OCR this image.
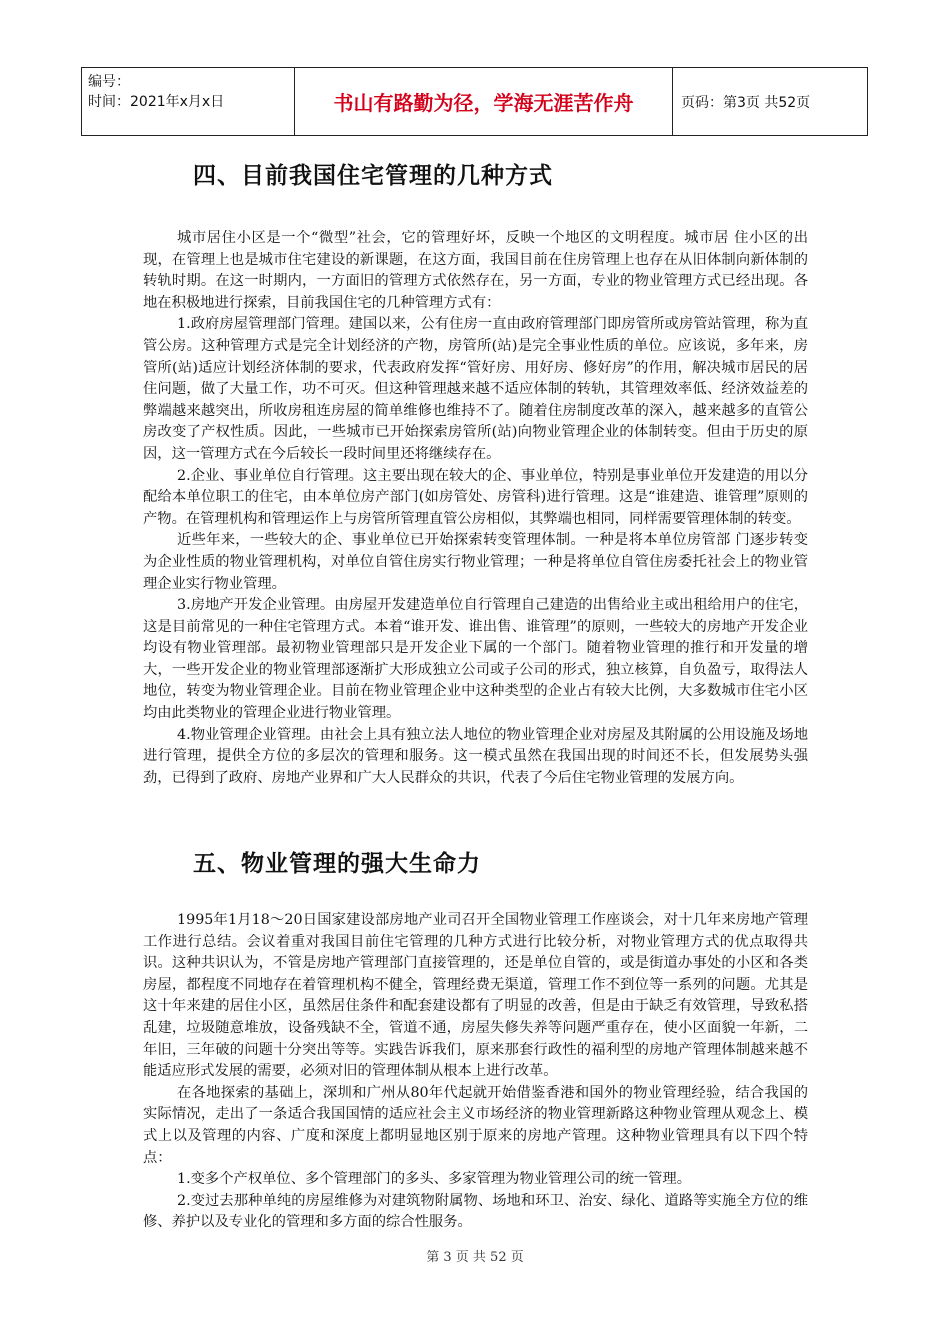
编号：
时间：2021年x月x日	书山有路勤为径，学海无涯苦作舟	页码：第3页 共52页
四、目前我国住宅管理的几种方式

城市居住小区是一个“微型”社会，它的管理好坏，反映一个地区的文明程度。城市居 住小区的出现，在管理上也是城市住宅建设的新课题，在这方面，我国目前在住房管理上也存在从旧体制向新体制的转轨时期。在这一时期内，一方面旧的管理方式依然存在，另一方面，专业的物业管理方式已经出现。各地在积极地进行探索，目前我国住宅的几种管理方式有：

1.政府房屋管理部门管理。建国以来，公有住房一直由政府管理部门即房管所或房管站管理，称为直管公房。这种管理方式是完全计划经济的产物，房管所(站)是完全事业性质的单位。应该说，多年来，房管所(站)适应计划经济体制的要求，代表政府发挥“管好房、用好房、修好房”的作用，解决城市居民的居住问题，做了大量工作，功不可灭。但这种管理越来越不适应体制的转轨，其管理效率低、经济效益差的弊端越来越突出，所收房租连房屋的简单维修也维持不了。随着住房制度改革的深入，越来越多的直管公房改变了产权性质。因此，一些城市已开始探索房管所(站)向物业管理企业的体制转变。但由于历史的原因，这一管理方式在今后较长一段时间里还将继续存在。

2.企业、事业单位自行管理。这主要出现在较大的企、事业单位，特别是事业单位开发建造的用以分配给本单位职工的住宅，由本单位房产部门(如房管处、房管科)进行管理。这是“谁建造、谁管理”原则的产物。在管理机构和管理运作上与房管所管理直管公房相似，其弊端也相同，同样需要管理体制的转变。

近些年来，一些较大的企、事业单位已开始探索转变管理体制。一种是将本单位房管部 门逐步转变为企业性质的物业管理机构，对单位自管住房实行物业管理；一种是将单位自管住房委托社会上的物业管理企业实行物业管理。

3.房地产开发企业管理。由房屋开发建造单位自行管理自己建造的出售给业主或出租给用户的住宅，这是目前常见的一种住宅管理方式。本着“谁开发、谁出售、谁管理”的原则，一些较大的房地产开发企业均设有物业管理部。最初物业管理部只是开发企业下属的一个部门。随着物业管理的推行和开发量的增大，一些开发企业的物业管理部逐渐扩大形成独立公司或子公司的形式，独立核算，自负盈亏，取得法人地位，转变为物业管理企业。目前在物业管理企业中这种类型的企业占有较大比例，大多数城市住宅小区均由此类物业的管理企业进行物业管理。

4.物业管理企业管理。由社会上具有独立法人地位的物业管理企业对房屋及其附属的公用设施及场地进行管理，提供全方位的多层次的管理和服务。这一模式虽然在我国出现的时间还不长，但发展势头强劲，已得到了政府、房地产业界和广大人民群众的共识，代表了今后住宅物业管理的发展方向。

五、物业管理的强大生命力

1995年1月18～20日国家建设部房地产业司召开全国物业管理工作座谈会，对十几年来房地产管理工作进行总结。会议着重对我国目前住宅管理的几种方式进行比较分析，对物业管理方式的优点取得共识。这种共识认为，不管是房地产管理部门直接管理的，还是单位自管的，或是街道办事处的小区和各类房屋，都程度不同地存在着管理机构不健全，管理经费无渠道，管理工作不到位等一系列的问题。尤其是这十年来建的居住小区，虽然居住条件和配套建设都有了明显的改善，但是由于缺乏有效管理，导致私搭乱建，垃圾随意堆放，设备残缺不全，管道不通，房屋失修失养等问题严重存在，使小区面貌一年新，二年旧，三年破的问题十分突出等等。实践告诉我们，原来那套行政性的福利型的房地产管理体制越来越不能适应形式发展的需要，必须对旧的管理体制从根本上进行改革。

在各地探索的基础上，深圳和广州从80年代起就开始借鉴香港和国外的物业管理经验，结合我国的实际情况，走出了一条适合我国国情的适应社会主义市场经济的物业管理新路这种物业管理从观念上、模式上以及管理的内容、广度和深度上都明显地区别于原来的房地产管理。这种物业管理具有以下四个特点：

1.变多个产权单位、多个管理部门的多头、多家管理为物业管理公司的统一管理。

2.变过去那种单纯的房屋维修为对建筑物附属物、场地和环卫、治安、绿化、道路等实施全方位的维修、养护以及专业化的管理和多方面的综合性服务。

第 3 页 共 52 页
